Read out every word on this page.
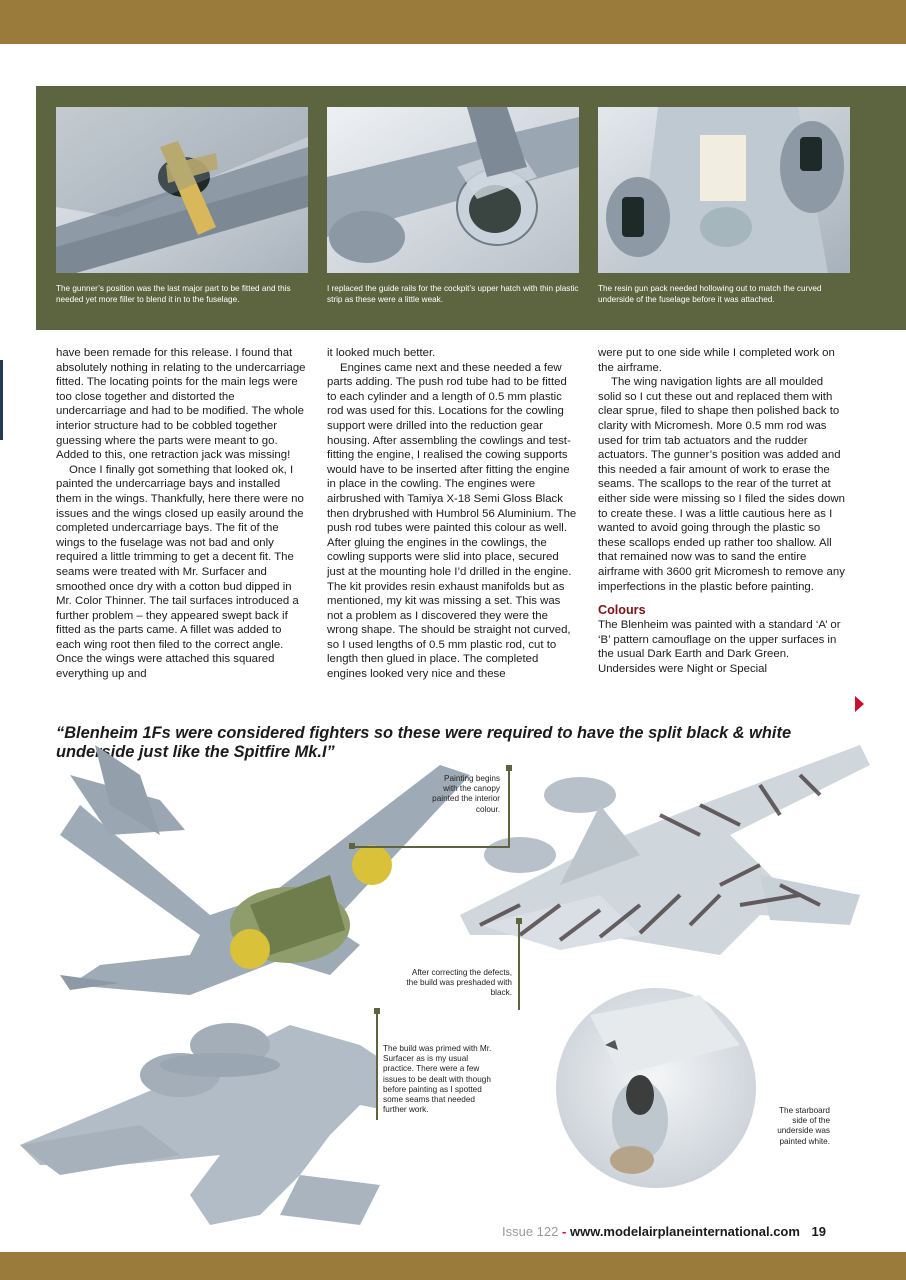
The gunner’s position was the last major part to be fitted and this needed yet more filler to blend it in to the fuselage.
I replaced the guide rails for the cockpit’s upper hatch with thin plastic strip as these were a little weak.
The resin gun pack needed hollowing out to match the curved underside of the fuselage before it was attached.

have been remade for this release. I found that absolutely nothing in relating to the undercarriage fitted. The locating points for the main legs were too close together and distorted the undercarriage and had to be modified. The whole interior structure had to be cobbled together guessing where the parts were meant to go. Added to this, one retraction jack was missing!

Once I finally got something that looked ok, I painted the undercarriage bays and installed them in the wings. Thankfully, here there were no issues and the wings closed up easily around the completed undercarriage bays. The fit of the wings to the fuselage was not bad and only required a little trimming to get a decent fit. The seams were treated with Mr. Surfacer and smoothed once dry with a cotton bud dipped in Mr. Color Thinner. The tail surfaces introduced a further problem – they appeared swept back if fitted as the parts came. A fillet was added to each wing root then filed to the correct angle. Once the wings were attached this squared everything up and

it looked much better.

Engines came next and these needed a few parts adding. The push rod tube had to be fitted to each cylinder and a length of 0.5 mm plastic rod was used for this. Locations for the cowling support were drilled into the reduction gear housing. After assembling the cowlings and test-fitting the engine, I realised the cowing supports would have to be inserted after fitting the engine in place in the cowling. The engines were airbrushed with Tamiya X-18 Semi Gloss Black then drybrushed with Humbrol 56 Aluminium. The push rod tubes were painted this colour as well. After gluing the engines in the cowlings, the cowling supports were slid into place, secured just at the mounting hole I’d drilled in the engine. The kit provides resin exhaust manifolds but as mentioned, my kit was missing a set. This was not a problem as I discovered they were the wrong shape. The should be straight not curved, so I used lengths of 0.5 mm plastic rod, cut to length then glued in place. The completed engines looked very nice and these

were put to one side while I completed work on the airframe.

The wing navigation lights are all moulded solid so I cut these out and replaced them with clear sprue, filed to shape then polished back to clarity with Micromesh. More 0.5 mm rod was used for trim tab actuators and the rudder actuators. The gunner’s position was added and this needed a fair amount of work to erase the seams. The scallops to the rear of the turret at either side were missing so I filed the sides down to create these. I was a little cautious here as I wanted to avoid going through the plastic so these scallops ended up rather too shallow. All that remained now was to sand the entire airframe with 3600 grit Micromesh to remove any imperfections in the plastic before painting.

Colours

The Blenheim was painted with a standard ‘A’ or ‘B’ pattern camouflage on the upper surfaces in the usual Dark Earth and Dark Green. Undersides were Night or Special

“Blenheim 1Fs were considered fighters so these were required to have the split black & white underside just like the Spitfire Mk.I”
Painting begins with the canopy painted the interior colour.
After correcting the defects, the build was preshaded with black.
The build was primed with Mr. Surfacer as is my usual practice. There were a few issues to be dealt with though before painting as I spotted some seams that needed further work.	The starboard side of the underside was painted white.
Issue 122 - www.modelairplaneinternational.com 19
